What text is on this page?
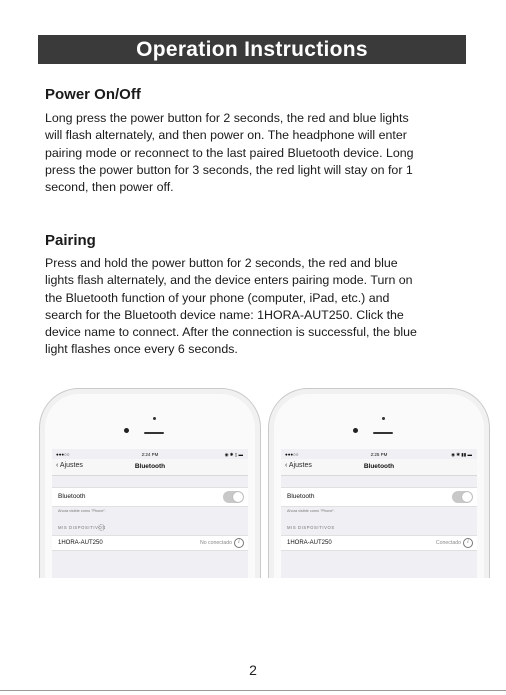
Operation Instructions
Power On/Off
Long press the power button for 2 seconds, the red and blue lights
will flash alternately, and then power on. The headphone will enter
pairing mode or reconnect to the last paired Bluetooth device. Long
press the power button for 3 seconds, the red light will stay on for 1
second, then power off.
Pairing
Press and hold the power button for 2 seconds, the red and blue
lights flash alternately, and the device enters pairing mode. Turn on
the Bluetooth function of your phone (computer, iPad, etc.) and
search for the Bluetooth device name: 1HORA-AUT250. Click the
device name to connect. After the connection is successful, the blue
light flashes once every 6 seconds.
●●●○○	2:24 PM	◉ ✱ ▯ ▬
‹ Ajustes	Bluetooth
Bluetooth
Ahora visible como "Phone".
MIS DISPOSITIVOS
1HORA-AUT250	No conectado	i
●●●○○	2:25 PM	◉ ✱ ▮▮ ▬
‹ Ajustes	Bluetooth
Bluetooth
Ahora visible como "Phone".
MIS DISPOSITIVOS
1HORA-AUT250	Conectado	i
2
